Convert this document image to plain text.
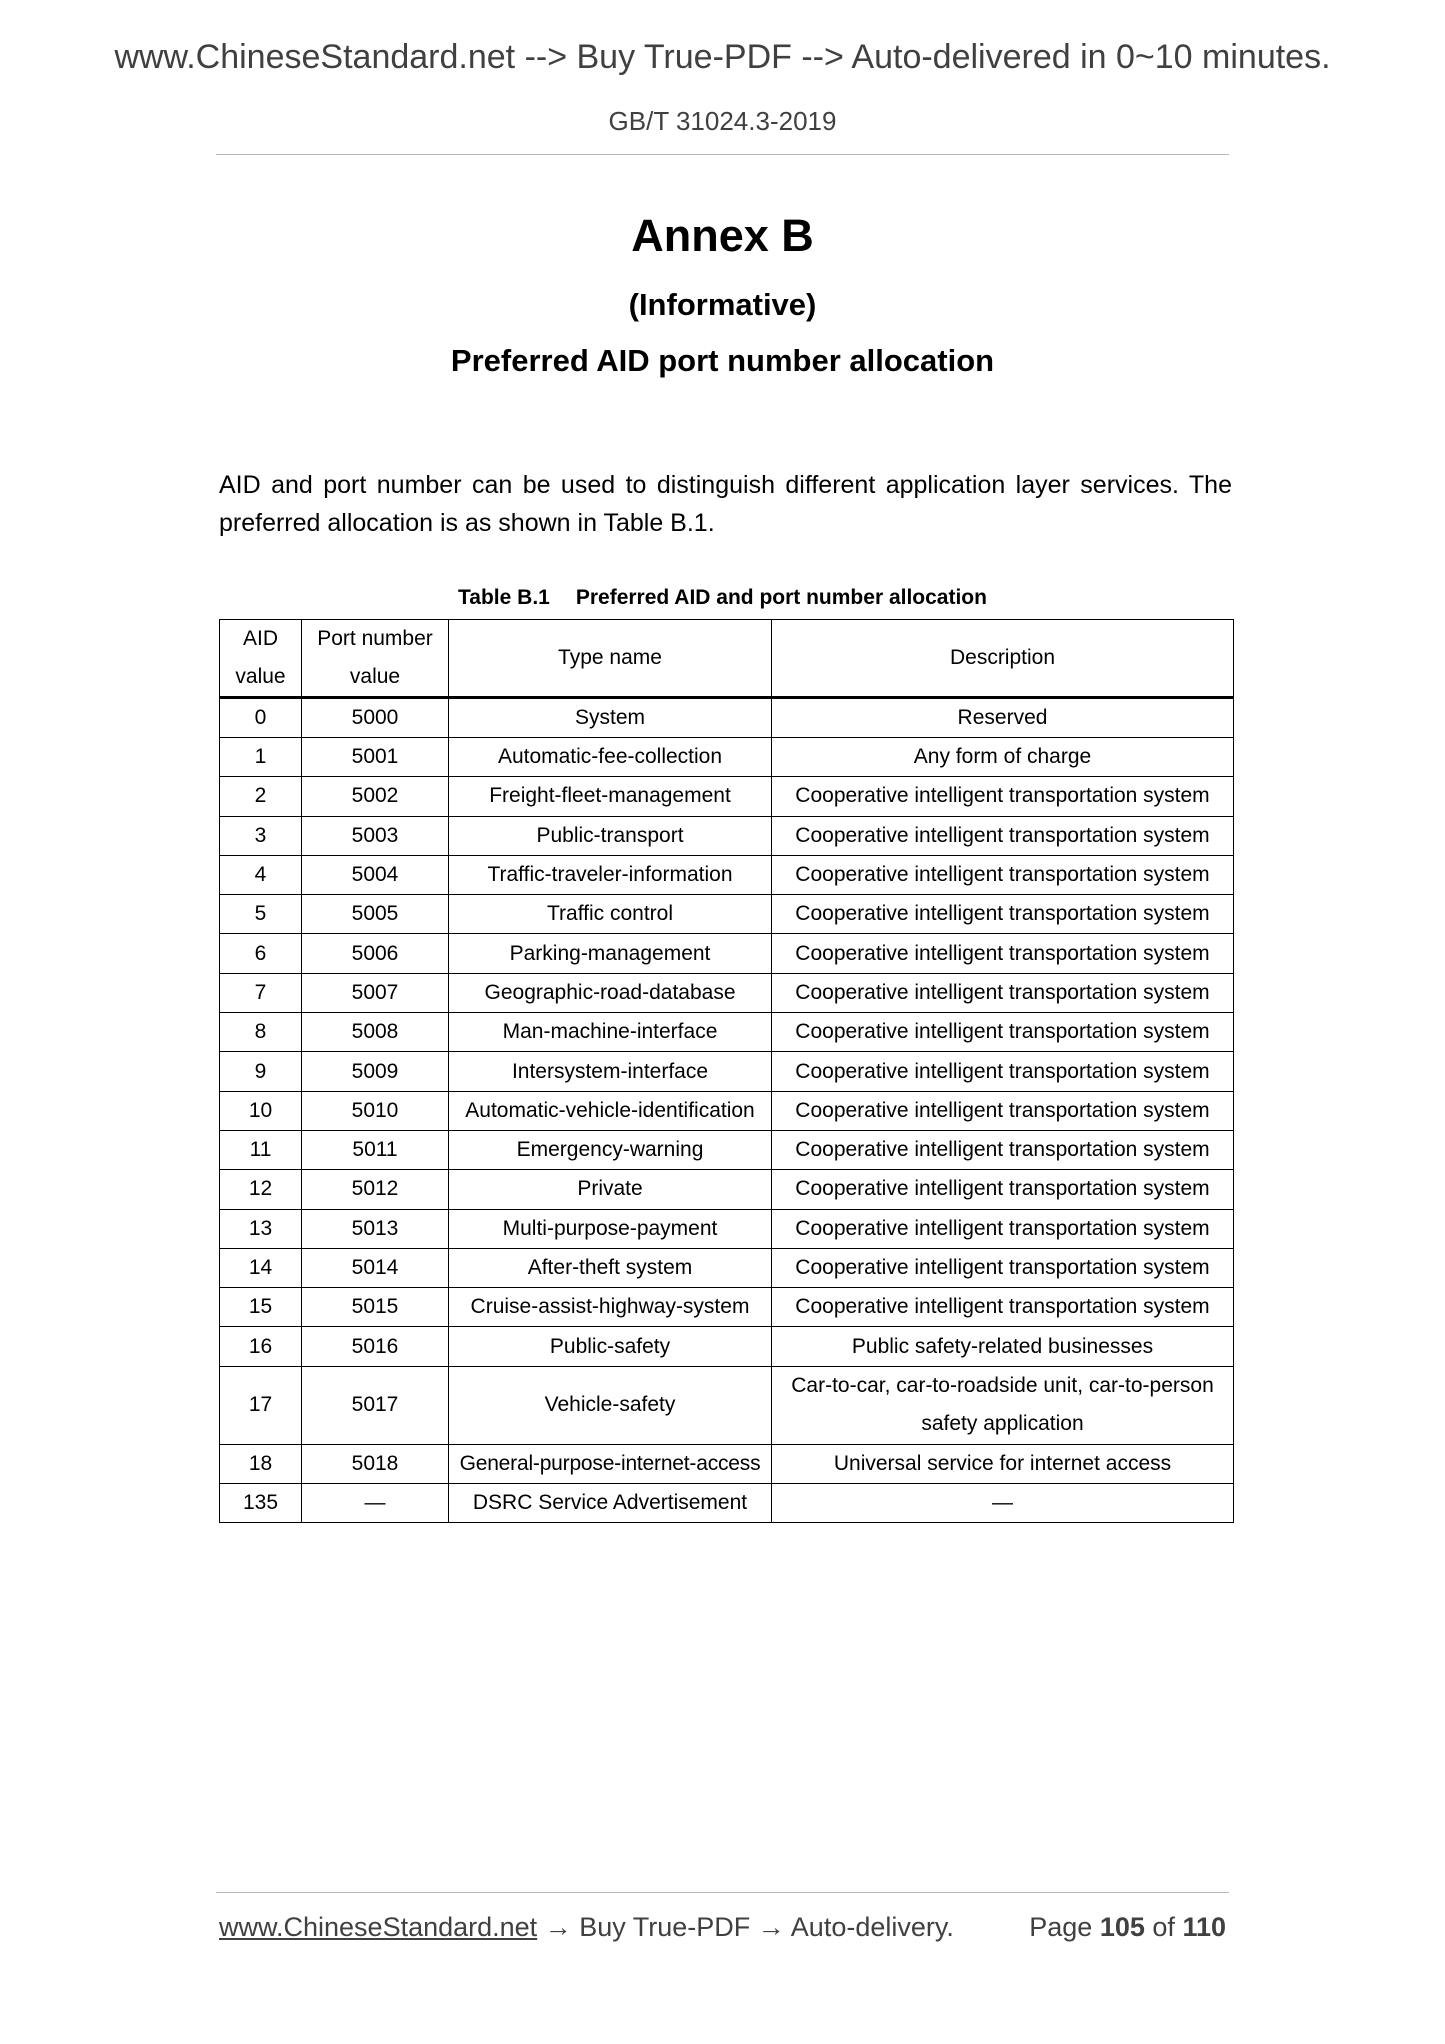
www.ChineseStandard.net --> Buy True-PDF --> Auto-delivered in 0~10 minutes.
GB/T 31024.3-2019
Annex B
(Informative)
Preferred AID port number allocation

AID and port number can be used to distinguish different application layer services. The preferred allocation is as shown in Table B.1.

Table B.1 Preferred AID and port number allocation
AID value	Port number value	Type name	Description
0	5000	System	Reserved
1	5001	Automatic-fee-collection	Any form of charge
2	5002	Freight-fleet-management	Cooperative intelligent transportation system
3	5003	Public-transport	Cooperative intelligent transportation system
4	5004	Traffic-traveler-information	Cooperative intelligent transportation system
5	5005	Traffic control	Cooperative intelligent transportation system
6	5006	Parking-management	Cooperative intelligent transportation system
7	5007	Geographic-road-database	Cooperative intelligent transportation system
8	5008	Man-machine-interface	Cooperative intelligent transportation system
9	5009	Intersystem-interface	Cooperative intelligent transportation system
10	5010	Automatic-vehicle-identification	Cooperative intelligent transportation system
11	5011	Emergency-warning	Cooperative intelligent transportation system
12	5012	Private	Cooperative intelligent transportation system
13	5013	Multi-purpose-payment	Cooperative intelligent transportation system
14	5014	After-theft system	Cooperative intelligent transportation system
15	5015	Cruise-assist-highway-system	Cooperative intelligent transportation system
16	5016	Public-safety	Public safety-related businesses
17	5017	Vehicle-safety	Car-to-car, car-to-roadside unit, car-to-person safety application
18	5018	General-purpose-internet-access	Universal service for internet access
135	—	DSRC Service Advertisement	—
www.ChineseStandard.net → Buy True-PDF → Auto-delivery.	Page 105 of 110
